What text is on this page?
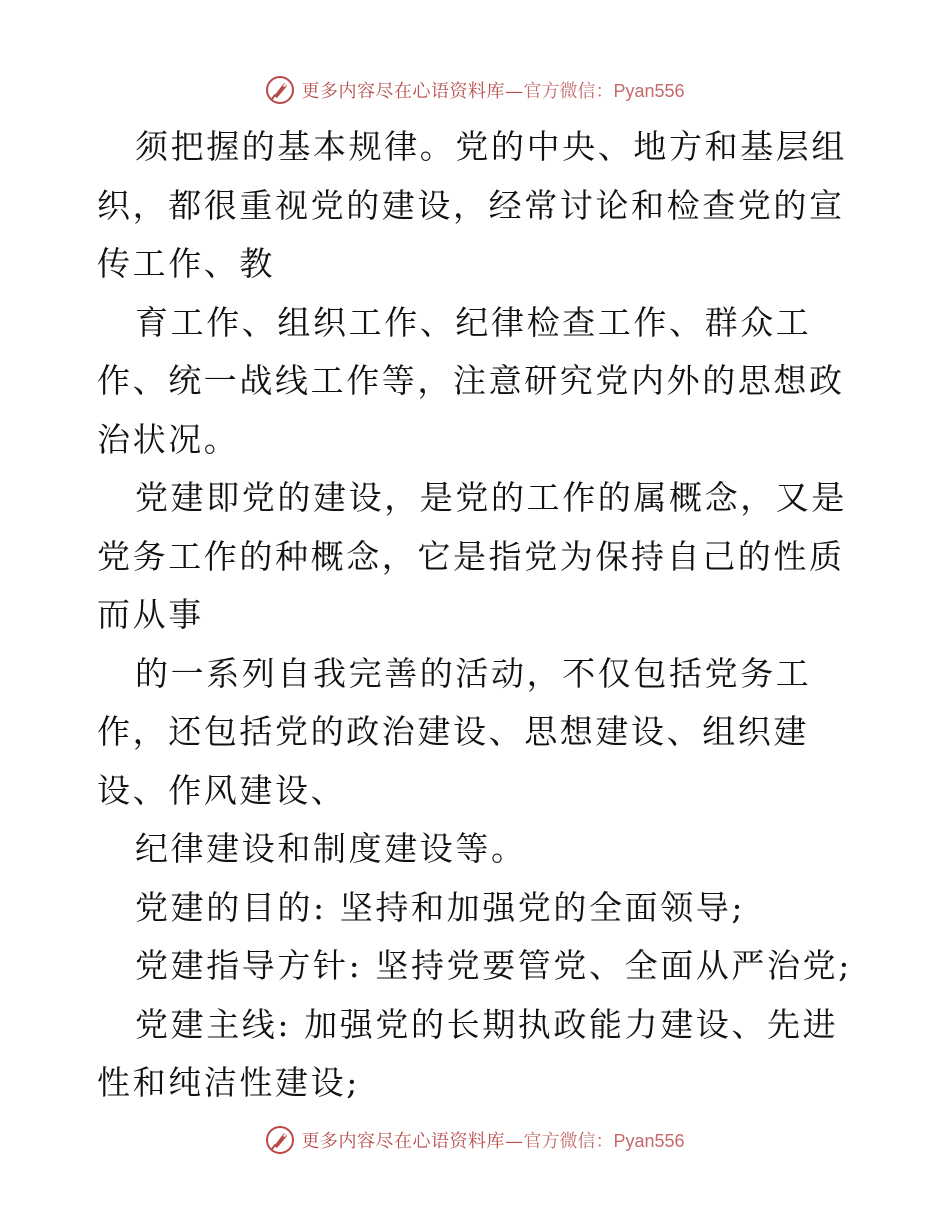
更多内容尽在心语资料库— 官方微信：Pyan556

须把握的基本规律。党的中央、地方和基层组织，都很重视党的建设，经常讨论和检查党的宣传工作、教

育工作、组织工作、纪律检查工作、群众工作、统一战线工作等，注意研究党内外的思想政治状况。

党建即党的建设，是党的工作的属概念，又是党务工作的种概念，它是指党为保持自己的性质而从事

的一系列自我完善的活动，不仅包括党务工作，还包括党的政治建设、思想建设、组织建设、作风建设、

纪律建设和制度建设等。

党建的目的: 坚持和加强党的全面领导;

党建指导方针: 坚持党要管党、全面从严治党;

党建主线: 加强党的长期执政能力建设、先进性和纯洁性建设;

更多内容尽在心语资料库— 官方微信：Pyan556
